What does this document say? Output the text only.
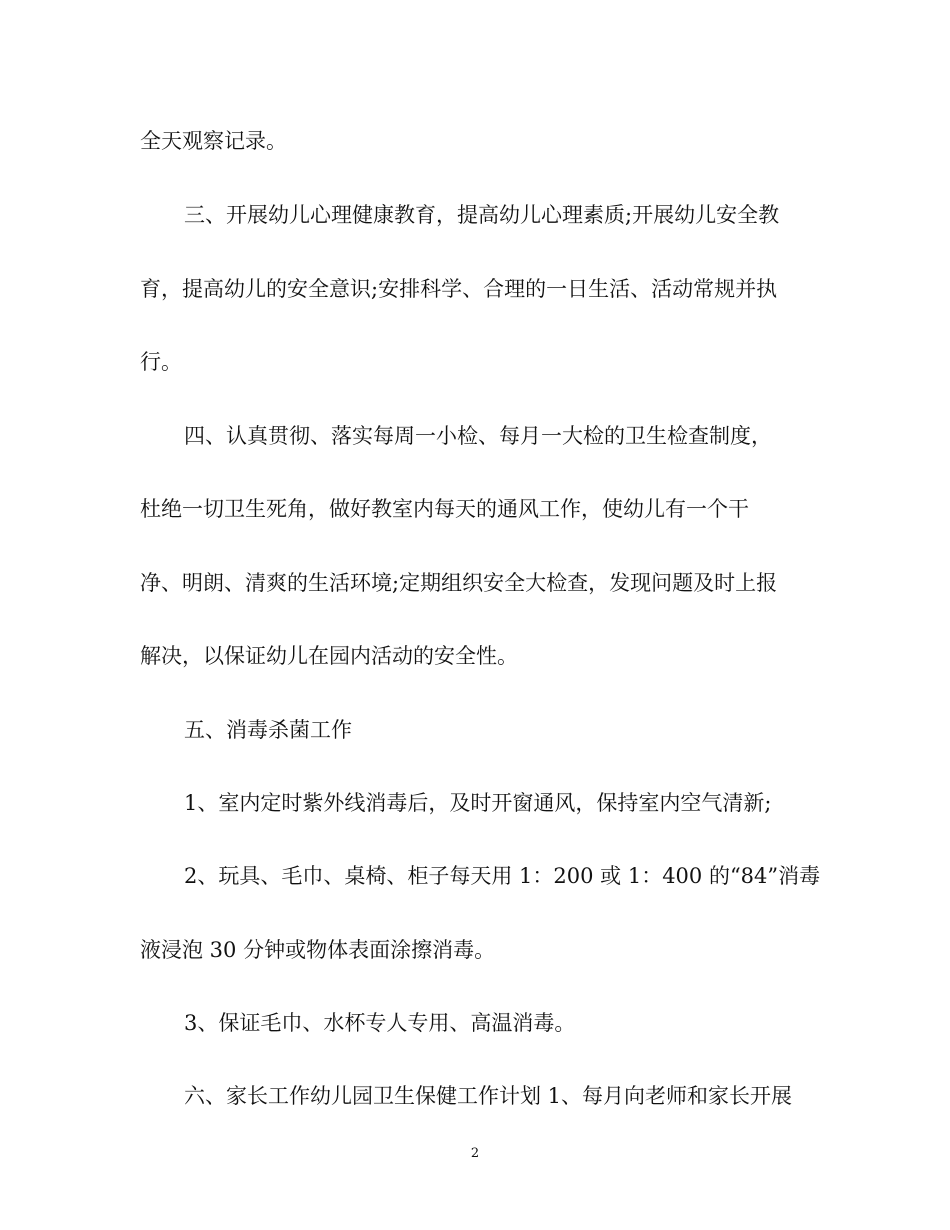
全天观察记录。

三、开展幼儿心理健康教育，提高幼儿心理素质;开展幼儿安全教

育，提高幼儿的安全意识;安排科学、合理的一日生活、活动常规并执

行。

四、认真贯彻、落实每周一小检、每月一大检的卫生检查制度，

杜绝一切卫生死角，做好教室内每天的通风工作，使幼儿有一个干

净、明朗、清爽的生活环境;定期组织安全大检查，发现问题及时上报

解决，以保证幼儿在园内活动的安全性。

五、消毒杀菌工作

1、室内定时紫外线消毒后，及时开窗通风，保持室内空气清新;

2、玩具、毛巾、桌椅、柜子每天用 1：200 或 1：400 的“84”消毒

液浸泡 30 分钟或物体表面涂擦消毒。

3、保证毛巾、水杯专人专用、高温消毒。

六、家长工作幼儿园卫生保健工作计划 1、每月向老师和家长开展

2
